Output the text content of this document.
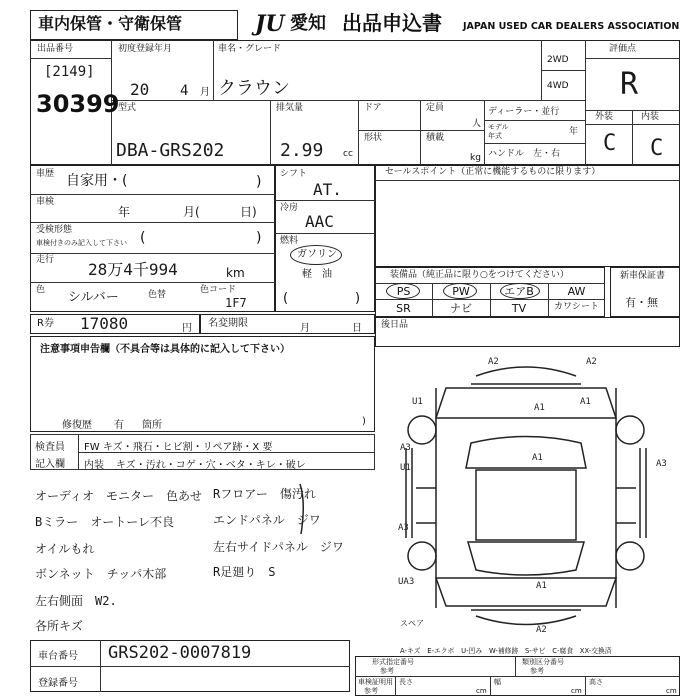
車内保管・守衛保管	JU 愛知 出品申込書 JAPAN USED CAR DEALERS ASSOCIATION
出品番号
[2149]
30399
初度登録年月
20 4 月
車名・グレード
クラウン
2WD
4WD
評価点
R
外装	内装
C C
型式
DBA-GRS202
排気量
2.99 cc
ドア
形状
定員
人
積載
kg
ディーラー・並行
モデル
年式	年
ハンドル　左・右
車歴 自家用・(	)
車検
年	月(	日)
受検形態
車検付きのみ記入して下さい (	)
走行 28万4千994	km
色 シルバー	色替	色コード
1F7
シフト
AT.
冷房
AAC
燃料
ガソリン
軽　油
(	)
セールスポイント（正常に機能するものに限ります）
装備品（純正品に限り○をつけてください）
PS	PW	エアB	AW
SR	ナビ	TV	カワシート
新車保証書
有・無
R券 17080	円 名変期限	月	日 後日品
注意事項申告欄（不具合等は具体的に記入して下さい）
修復歴 有 箇所	)
検査員
記入欄
FW キズ・飛石・ヒビ割・リペア跡・X 要
内装 キズ・汚れ・コゲ・穴・ベタ・キレ・破レ
オーディオ　モニター　色あせ Rフロアー　傷汚れ
Bミラー　オートーレ不良	エンドパネル　ジワ
オイルもれ	左右サイドパネル　ジワ
ボンネット　チッパ木部	R足廻り　S
左右側面　W2.
各所キズ
A2	A2
U1
A1
A1
A3
U1
A1
A3
A3
UA3	A1
A2
スペア
A-キズ　E-エクボ　U-凹み　W-補修跡　S-サビ　C-腐食　XX-交換済
車台番号 GRS202-0007819
登録番号
形式指定番号
参考
類別区分番号
参考
車検証明用
参考
長さ
cm
幅
cm
高さ
cm
